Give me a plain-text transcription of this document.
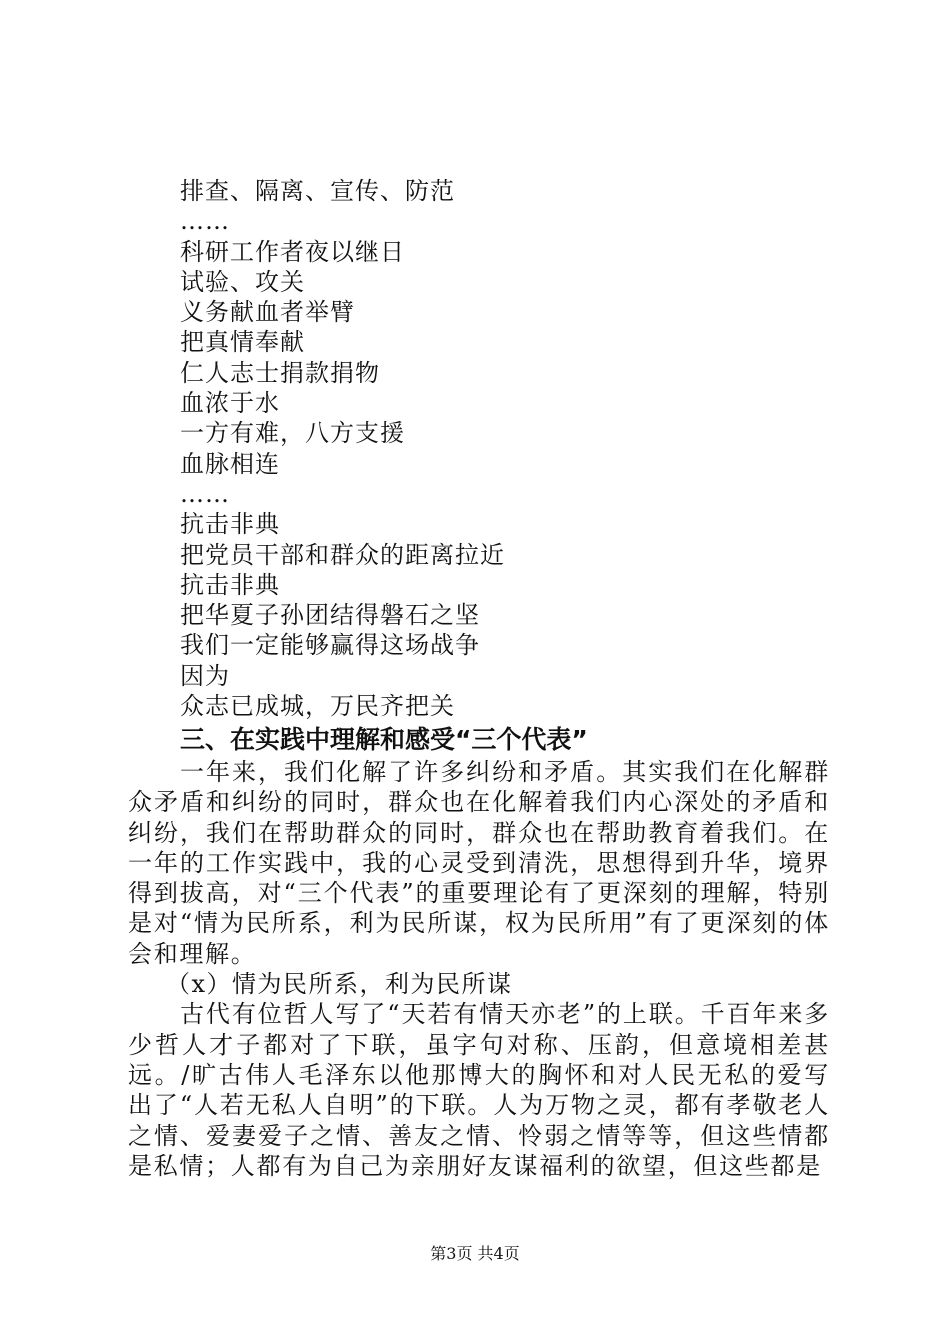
排查、隔离、宣传、防范
……
科研工作者夜以继日
试验、攻关
义务献血者举臂
把真情奉献
仁人志士捐款捐物
血浓于水
一方有难，八方支援
血脉相连
……
抗击非典
把党员干部和群众的距离拉近
抗击非典
把华夏子孙团结得磐石之坚
我们一定能够赢得这场战争
因为
众志已成城，万民齐把关
三、在实践中理解和感受“三个代表”

一年来，我们化解了许多纠纷和矛盾。其实我们在化解群众矛盾和纠纷的同时，群众也在化解着我们内心深处的矛盾和纠纷，我们在帮助群众的同时，群众也在帮助教育着我们。在一年的工作实践中，我的心灵受到清洗，思想得到升华，境界得到拔高，对“三个代表”的重要理论有了更深刻的理解，特别是对“情为民所系，利为民所谋，权为民所用”有了更深刻的体会和理解。

（x）情为民所系，利为民所谋

古代有位哲人写了“天若有情天亦老”的上联。千百年来多少哲人才子都对了下联，虽字句对称、压韵，但意境相差甚远。/旷古伟人毛泽东以他那博大的胸怀和对人民无私的爱写出了“人若无私人自明”的下联。人为万物之灵，都有孝敬老人之情、爱妻爱子之情、善友之情、怜弱之情等等，但这些情都是私情；人都有为自己为亲朋好友谋福利的欲望，但这些都是

第3页 共4页
